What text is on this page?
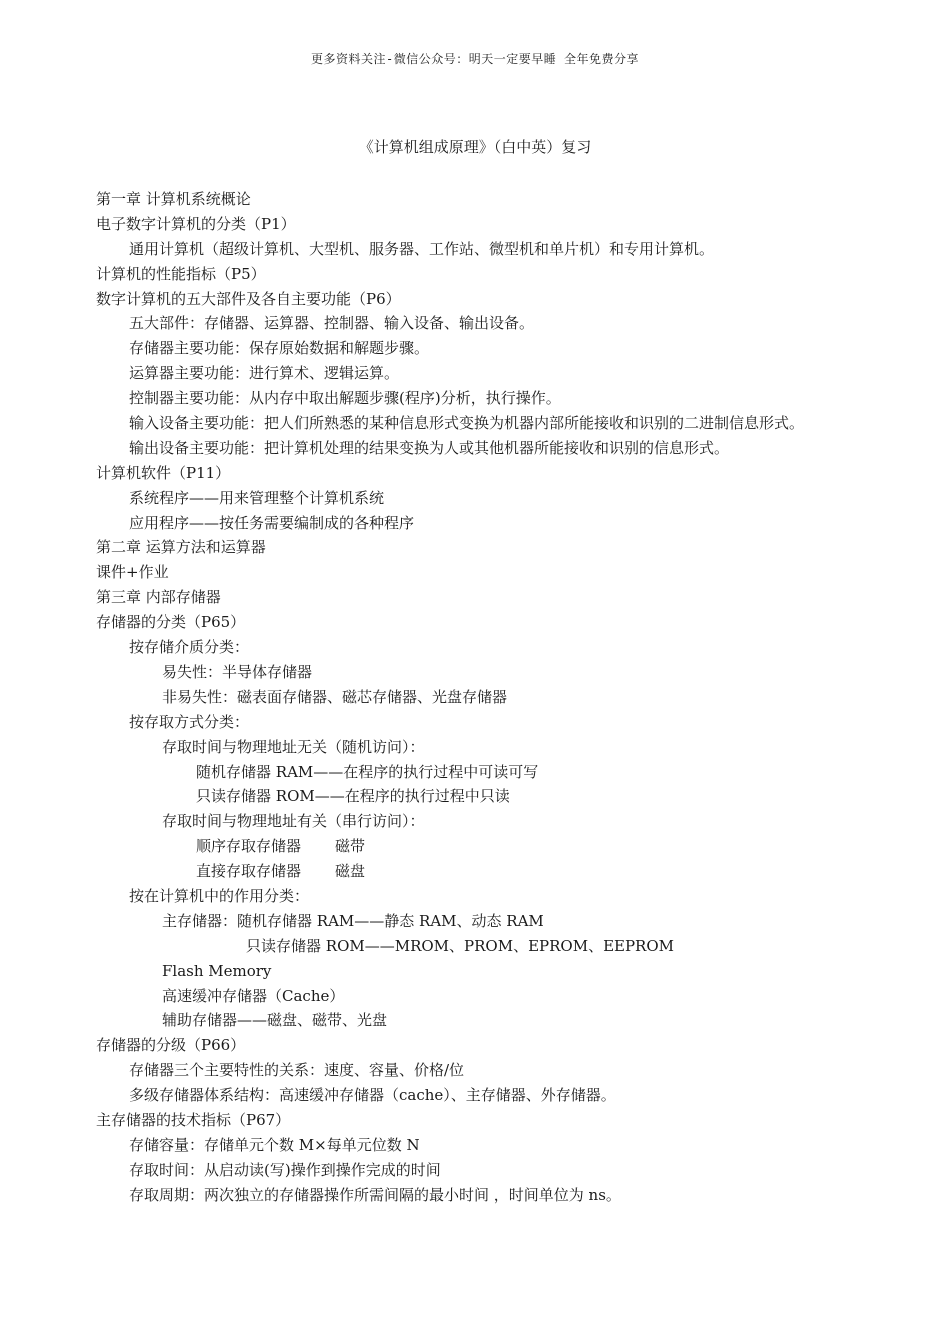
更多资料关注-微信公众号：明天一定要早睡 全年免费分享
《计算机组成原理》（白中英）复习
第一章 计算机系统概论
电子数字计算机的分类（P1）
通用计算机（超级计算机、大型机、服务器、工作站、微型机和单片机）和专用计算机。
计算机的性能指标（P5）
数字计算机的五大部件及各自主要功能（P6）
五大部件：存储器、运算器、控制器、输入设备、输出设备。
存储器主要功能：保存原始数据和解题步骤。
运算器主要功能：进行算术、逻辑运算。
控制器主要功能：从内存中取出解题步骤(程序)分析，执行操作。
输入设备主要功能：把人们所熟悉的某种信息形式变换为机器内部所能接收和识别的二进制信息形式。
输出设备主要功能：把计算机处理的结果变换为人或其他机器所能接收和识别的信息形式。
计算机软件（P11）
系统程序——用来管理整个计算机系统
应用程序——按任务需要编制成的各种程序
第二章 运算方法和运算器
课件+作业
第三章 内部存储器
存储器的分类（P65）
按存储介质分类：
易失性：半导体存储器
非易失性：磁表面存储器、磁芯存储器、光盘存储器
按存取方式分类：
存取时间与物理地址无关（随机访问）：
随机存储器 RAM——在程序的执行过程中可读可写
只读存储器 ROM——在程序的执行过程中只读
存取时间与物理地址有关（串行访问）：
顺序存取存储器 磁带
直接存取存储器 磁盘
按在计算机中的作用分类：
主存储器：随机存储器 RAM——静态 RAM、动态 RAM
只读存储器 ROM——MROM、PROM、EPROM、EEPROM
Flash Memory
高速缓冲存储器（Cache）
辅助存储器——磁盘、磁带、光盘
存储器的分级（P66）
存储器三个主要特性的关系：速度、容量、价格/位
多级存储器体系结构：高速缓冲存储器（cache）、主存储器、外存储器。
主存储器的技术指标（P67）
存储容量：存储单元个数 M×每单元位数 N
存取时间：从启动读(写)操作到操作完成的时间
存取周期：两次独立的存储器操作所需间隔的最小时间 ，时间单位为 ns。
